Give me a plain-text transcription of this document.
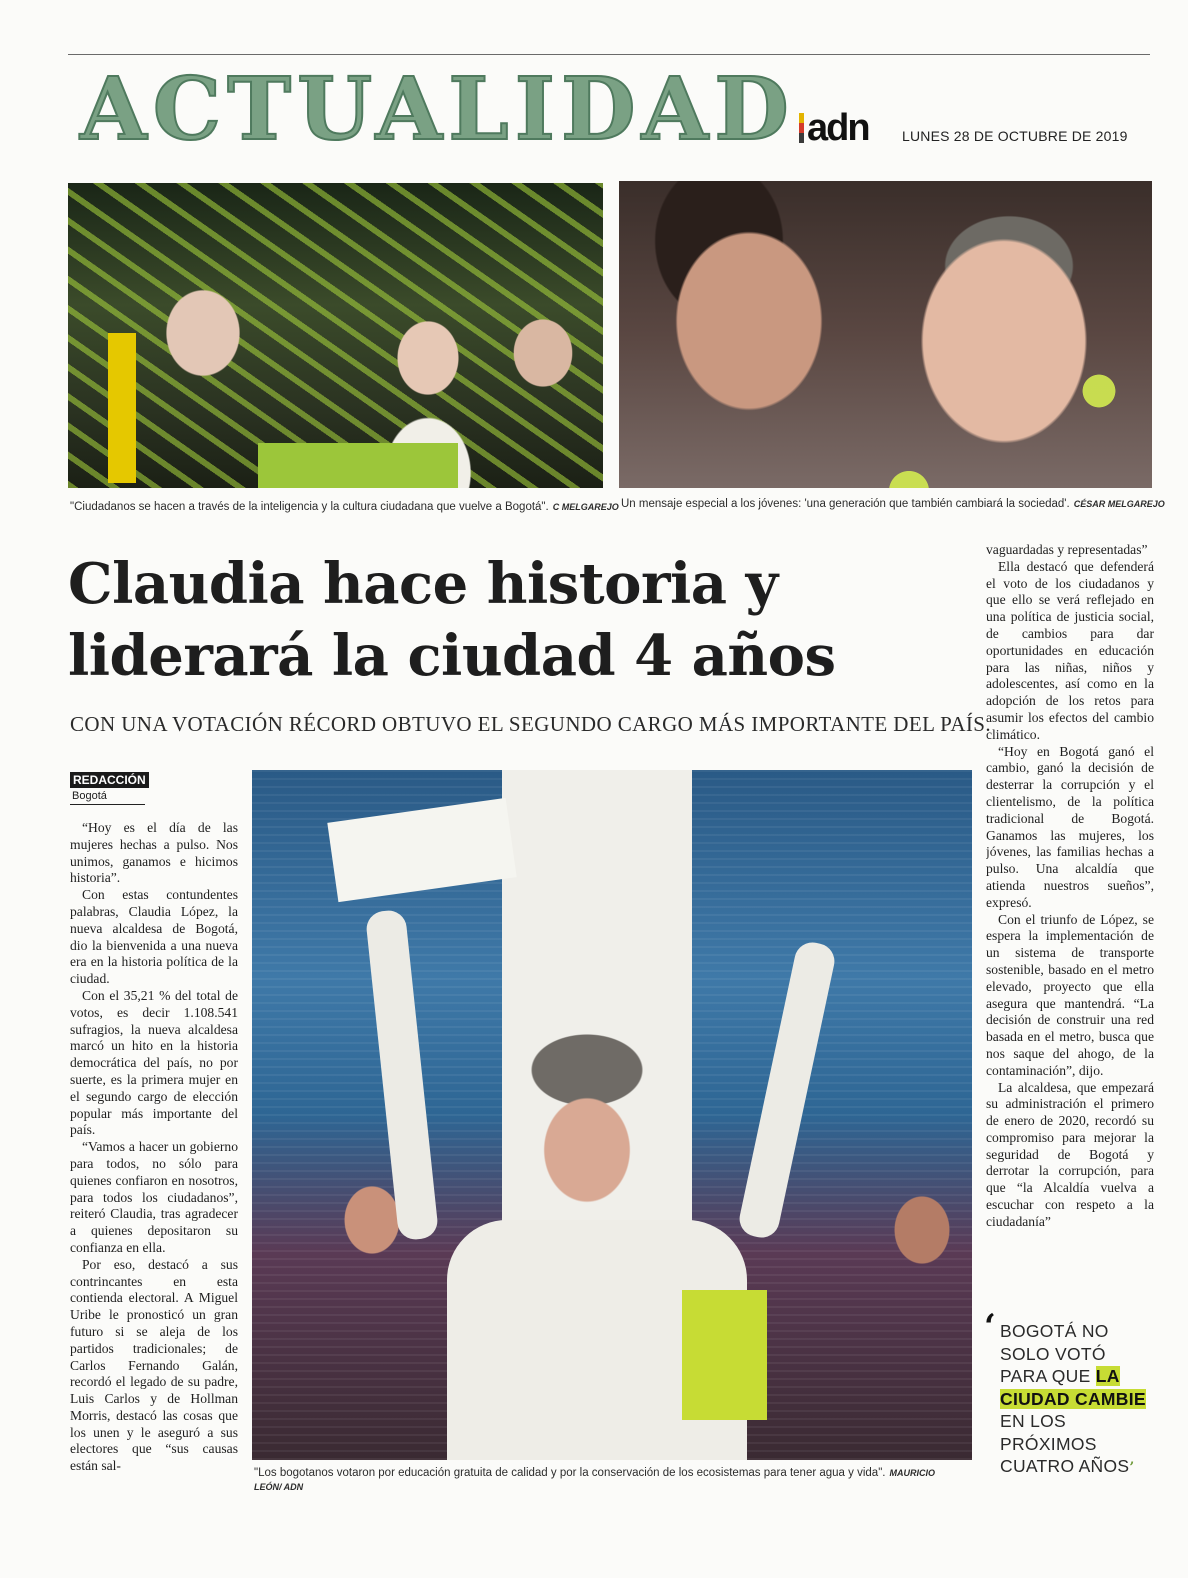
ACTUALIDAD adn LUNES 28 DE OCTUBRE DE 2019
"Ciudadanos se hacen a través de la inteligencia y la cultura ciudadana que vuelve a Bogotá". C MELGAREJO Un mensaje especial a los jóvenes: 'una generación que también cambiará la sociedad'. CÉSAR MELGAREJO
Claudia hace historia y liderará la ciudad 4 años
CON UNA VOTACIÓN RÉCORD OBTUVO EL SEGUNDO CARGO MÁS IMPORTANTE DEL PAÍS.
REDACCIÓN
Bogotá

“Hoy es el día de las mujeres hechas a pulso. Nos unimos, ganamos e hicimos historia”.

Con estas contundentes palabras, Claudia López, la nueva alcaldesa de Bogotá, dio la bienvenida a una nueva era en la historia política de la ciudad.

Con el 35,21 % del total de votos, es decir 1.108.541 sufragios, la nueva alcaldesa marcó un hito en la historia democrática del país, no por suerte, es la primera mujer en el segundo cargo de elección popular más importante del país.

“Vamos a hacer un gobierno para todos, no sólo para quienes confiaron en nosotros, para todos los ciudadanos”, reiteró Claudia, tras agradecer a quienes depositaron su confianza en ella.

Por eso, destacó a sus contrincantes en esta contienda electoral. A Miguel Uribe le pronosticó un gran futuro si se aleja de los partidos tradicionales; de Carlos Fernando Galán, recordó el legado de su padre, Luis Carlos y de Hollman Morris, destacó las cosas que los unen y le aseguró a sus electores que “sus causas están sal-	"Los bogotanos votaron por educación gratuita de calidad y por la conservación de los ecosistemas para tener agua y vida". MAURICIO LEÓN/ ADN

vaguardadas y representadas”

Ella destacó que defenderá el voto de los ciudadanos y que ello se verá reflejado en una política de justicia social, de cambios para dar oportunidades en educación para las niñas, niños y adolescentes, así como en la adopción de los retos para asumir los efectos del cambio climático.

“Hoy en Bogotá ganó el cambio, ganó la decisión de desterrar la corrupción y el clientelismo, de la política tradicional de Bogotá. Ganamos las mujeres, los jóvenes, las familias hechas a pulso. Una alcaldía que atienda nuestros sueños”, expresó.

Con el triunfo de López, se espera la implementación de un sistema de transporte sostenible, basado en el metro elevado, proyecto que ella asegura que mantendrá. “La decisión de construir una red basada en el metro, busca que nos saque del ahogo, de la contaminación”, dijo.

La alcaldesa, que empezará su administración el primero de enero de 2020, recordó su compromiso para mejorar la seguridad de Bogotá y derrotar la corrupción, para que “la Alcaldía vuelva a escuchar con respeto a la ciudadanía”

‘ BOGOTÁ NO SOLO VOTÓ PARA QUE LA CIUDAD CAMBIE EN LOS PRÓXIMOS CUATRO AÑOS’
